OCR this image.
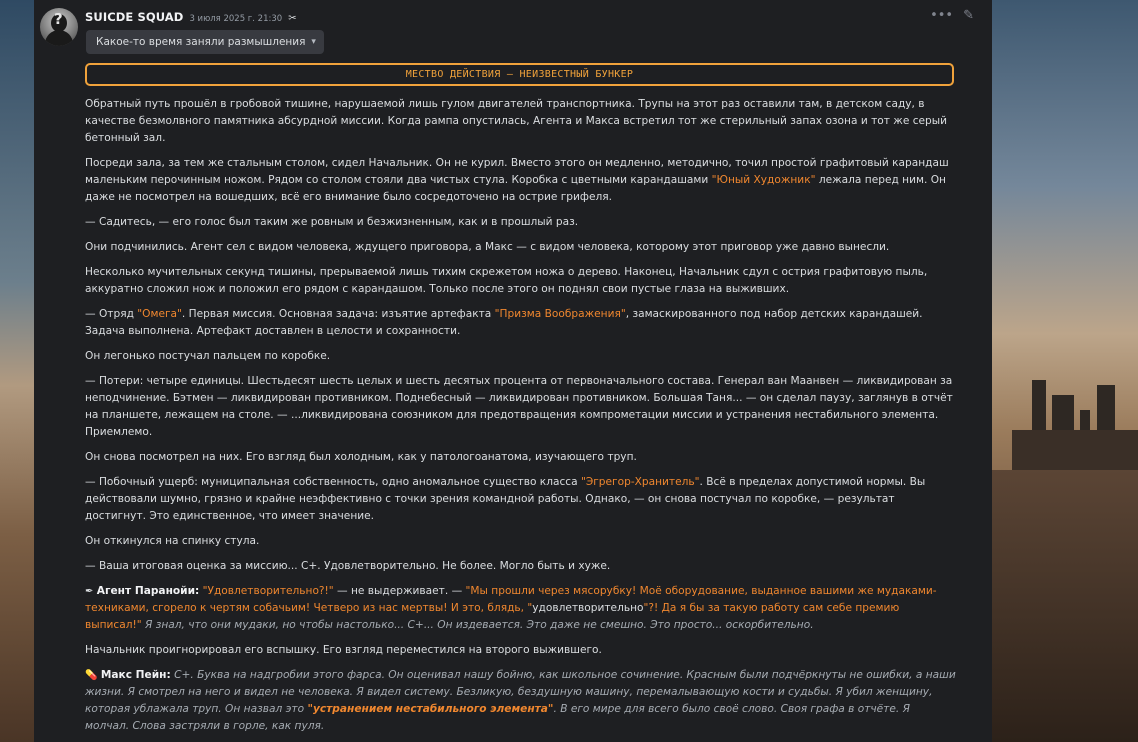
? SUICDE SQUAD 3 июля 2025 г. 21:30 ✂	••• ✎
Какое-то время заняли размышления ▾
МЕСТВО ДЕЙСТВИЯ – НЕИЗВЕСТНЫЙ БУНКЕР

Обратный путь прошёл в гробовой тишине, нарушаемой лишь гулом двигателей транспортника. Трупы на этот раз оставили там, в детском саду, в качестве безмолвного памятника абсурдной миссии. Когда рампа опустилась, Агента и Макса встретил тот же стерильный запах озона и тот же серый бетонный зал.

Посреди зала, за тем же стальным столом, сидел Начальник. Он не курил. Вместо этого он медленно, методично, точил простой графитовый карандаш маленьким перочинным ножом. Рядом со столом стояли два чистых стула. Коробка с цветными карандашами "Юный Художник" лежала перед ним. Он даже не посмотрел на вошедших, всё его внимание было сосредоточено на острие грифеля.

— Садитесь, — его голос был таким же ровным и безжизненным, как и в прошлый раз.

Они подчинились. Агент сел с видом человека, ждущего приговора, а Макс — с видом человека, которому этот приговор уже давно вынесли.

Несколько мучительных секунд тишины, прерываемой лишь тихим скрежетом ножа о дерево. Наконец, Начальник сдул с острия графитовую пыль, аккуратно сложил нож и положил его рядом с карандашом. Только после этого он поднял свои пустые глаза на выживших.

— Отряд "Омега". Первая миссия. Основная задача: изъятие артефакта "Призма Воображения", замаскированного под набор детских карандашей. Задача выполнена. Артефакт доставлен в целости и сохранности.

Он легонько постучал пальцем по коробке.

— Потери: четыре единицы. Шестьдесят шесть целых и шесть десятых процента от первоначального состава. Генерал ван Маанвен — ликвидирован за неподчинение. Бэтмен — ликвидирован противником. Поднебесный — ликвидирован противником. Большая Таня... — он сделал паузу, заглянув в отчёт на планшете, лежащем на столе. — ...ликвидирована союзником для предотвращения компрометации миссии и устранения нестабильного элемента. Приемлемо.

Он снова посмотрел на них. Его взгляд был холодным, как у патологоанатома, изучающего труп.

— Побочный ущерб: муниципальная собственность, одно аномальное существо класса "Эгрегор-Хранитель". Всё в пределах допустимой нормы. Вы действовали шумно, грязно и крайне неэффективно с точки зрения командной работы. Однако, — он снова постучал по коробке, — результат достигнут. Это единственное, что имеет значение.

Он откинулся на спинку стула.

— Ваша итоговая оценка за миссию... С+. Удовлетворительно. Не более. Могло быть и хуже.

✒ Агент Паранойи: "Удовлетворительно?!" — не выдерживает. — "Мы прошли через мясорубку! Моё оборудование, выданное вашими же мудаками-техниками, сгорело к чертям собачьим! Четверо из нас мертвы! И это, блядь, "удовлетворительно"?! Да я бы за такую работу сам себе премию выписал!" Я знал, что они мудаки, но чтобы настолько... С+... Он издевается. Это даже не смешно. Это просто... оскорбительно.

Начальник проигнорировал его вспышку. Его взгляд переместился на второго выжившего.

💊 Макс Пейн: С+. Буква на надгробии этого фарса. Он оценивал нашу бойню, как школьное сочинение. Красным были подчёркнуты не ошибки, а наши жизни. Я смотрел на него и видел не человека. Я видел систему. Безликую, бездушную машину, перемалывающую кости и судьбы. Я убил женщину, которая ублажала труп. Он назвал это "устранением нестабильного элемента". В его мире для всего было своё слово. Своя графа в отчёте. Я молчал. Слова застряли в горле, как пуля.
